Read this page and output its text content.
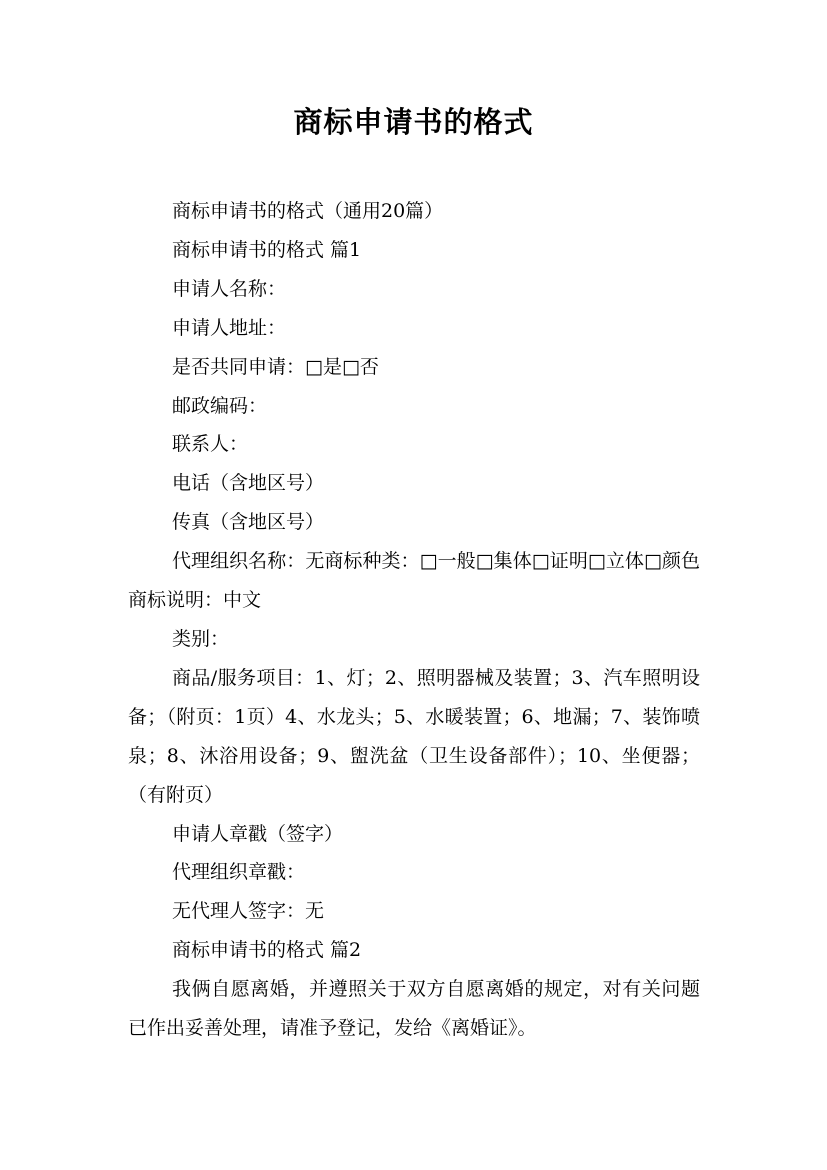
商标申请书的格式

商标申请书的格式（通用20篇）

商标申请书的格式 篇1

申请人名称：

申请人地址：

是否共同申请：□是□否

邮政编码：

联系人：

电话（含地区号）

传真（含地区号）

代理组织名称：无商标种类：□一般□集体□证明□立体□颜色商标说明：中文

类别：

商品/服务项目：1、灯；2、照明器械及装置；3、汽车照明设备；（附页：1页）4、水龙头；5、水暖装置；6、地漏；7、装饰喷泉；8、沐浴用设备；9、盥洗盆（卫生设备部件）；10、坐便器；（有附页）

申请人章戳（签字）

代理组织章戳：

无代理人签字：无

商标申请书的格式 篇2

我俩自愿离婚，并遵照关于双方自愿离婚的规定，对有关问题已作出妥善处理，请准予登记，发给《离婚证》。
